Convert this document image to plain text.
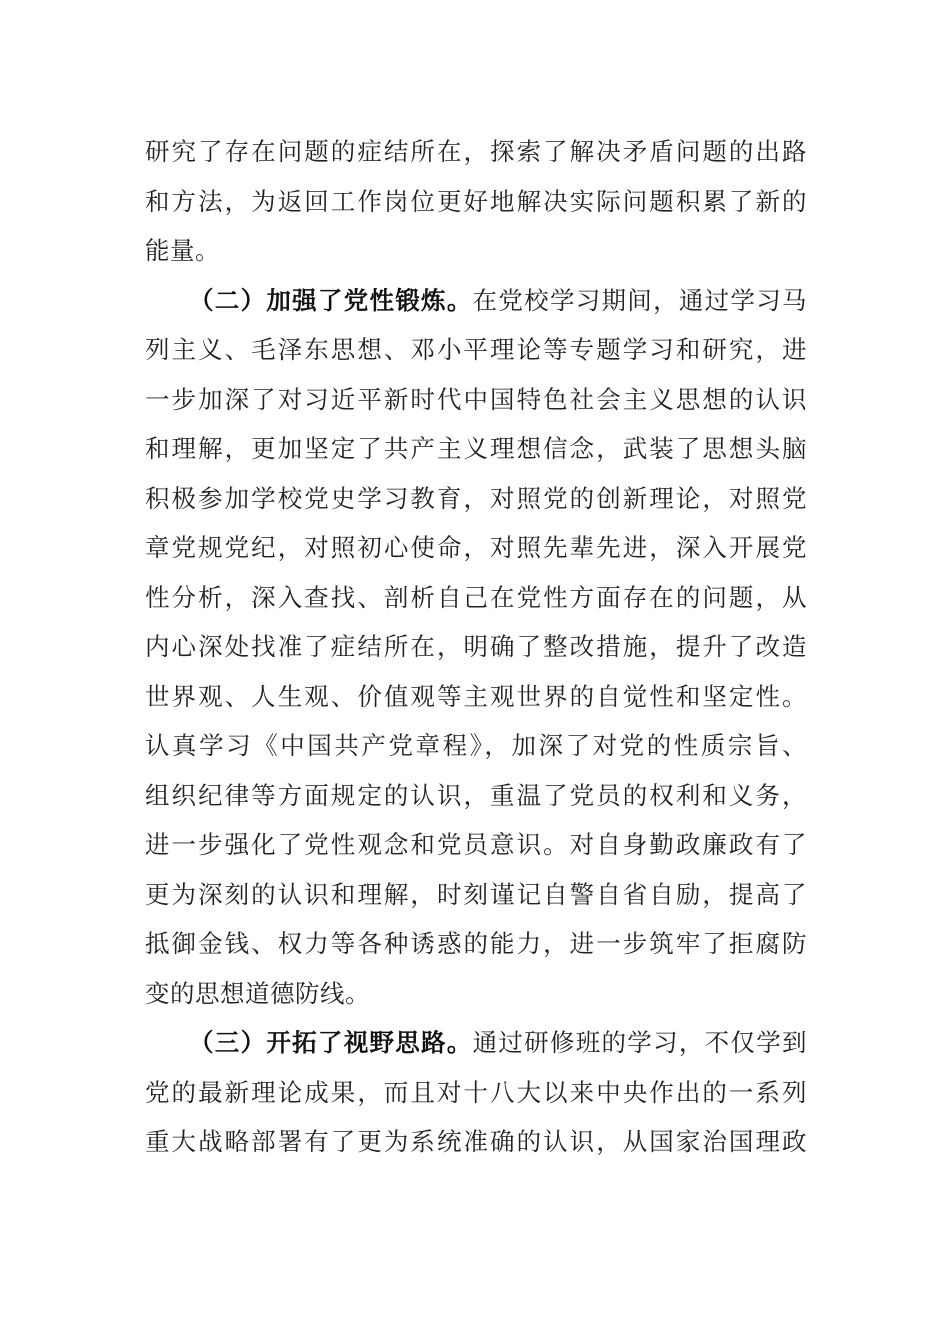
研究了存在问题的症结所在，探索了解决矛盾问题的出路
和方法，为返回工作岗位更好地解决实际问题积累了新的
能量。
（二）加强了党性锻炼。在党校学习期间，通过学习马
列主义、毛泽东思想、邓小平理论等专题学习和研究，进
一步加深了对习近平新时代中国特色社会主义思想的认识
和理解，更加坚定了共产主义理想信念，武装了思想头脑
积极参加学校党史学习教育，对照党的创新理论，对照党
章党规党纪，对照初心使命，对照先辈先进，深入开展党
性分析，深入查找、剖析自己在党性方面存在的问题，从
内心深处找准了症结所在，明确了整改措施，提升了改造
世界观、人生观、价值观等主观世界的自觉性和坚定性。
认真学习《中国共产党章程》，加深了对党的性质宗旨、
组织纪律等方面规定的认识，重温了党员的权利和义务，
进一步强化了党性观念和党员意识。对自身勤政廉政有了
更为深刻的认识和理解，时刻谨记自警自省自励，提高了
抵御金钱、权力等各种诱惑的能力，进一步筑牢了拒腐防
变的思想道德防线。
（三）开拓了视野思路。通过研修班的学习，不仅学到
党的最新理论成果，而且对十八大以来中央作出的一系列
重大战略部署有了更为系统准确的认识，从国家治国理政
